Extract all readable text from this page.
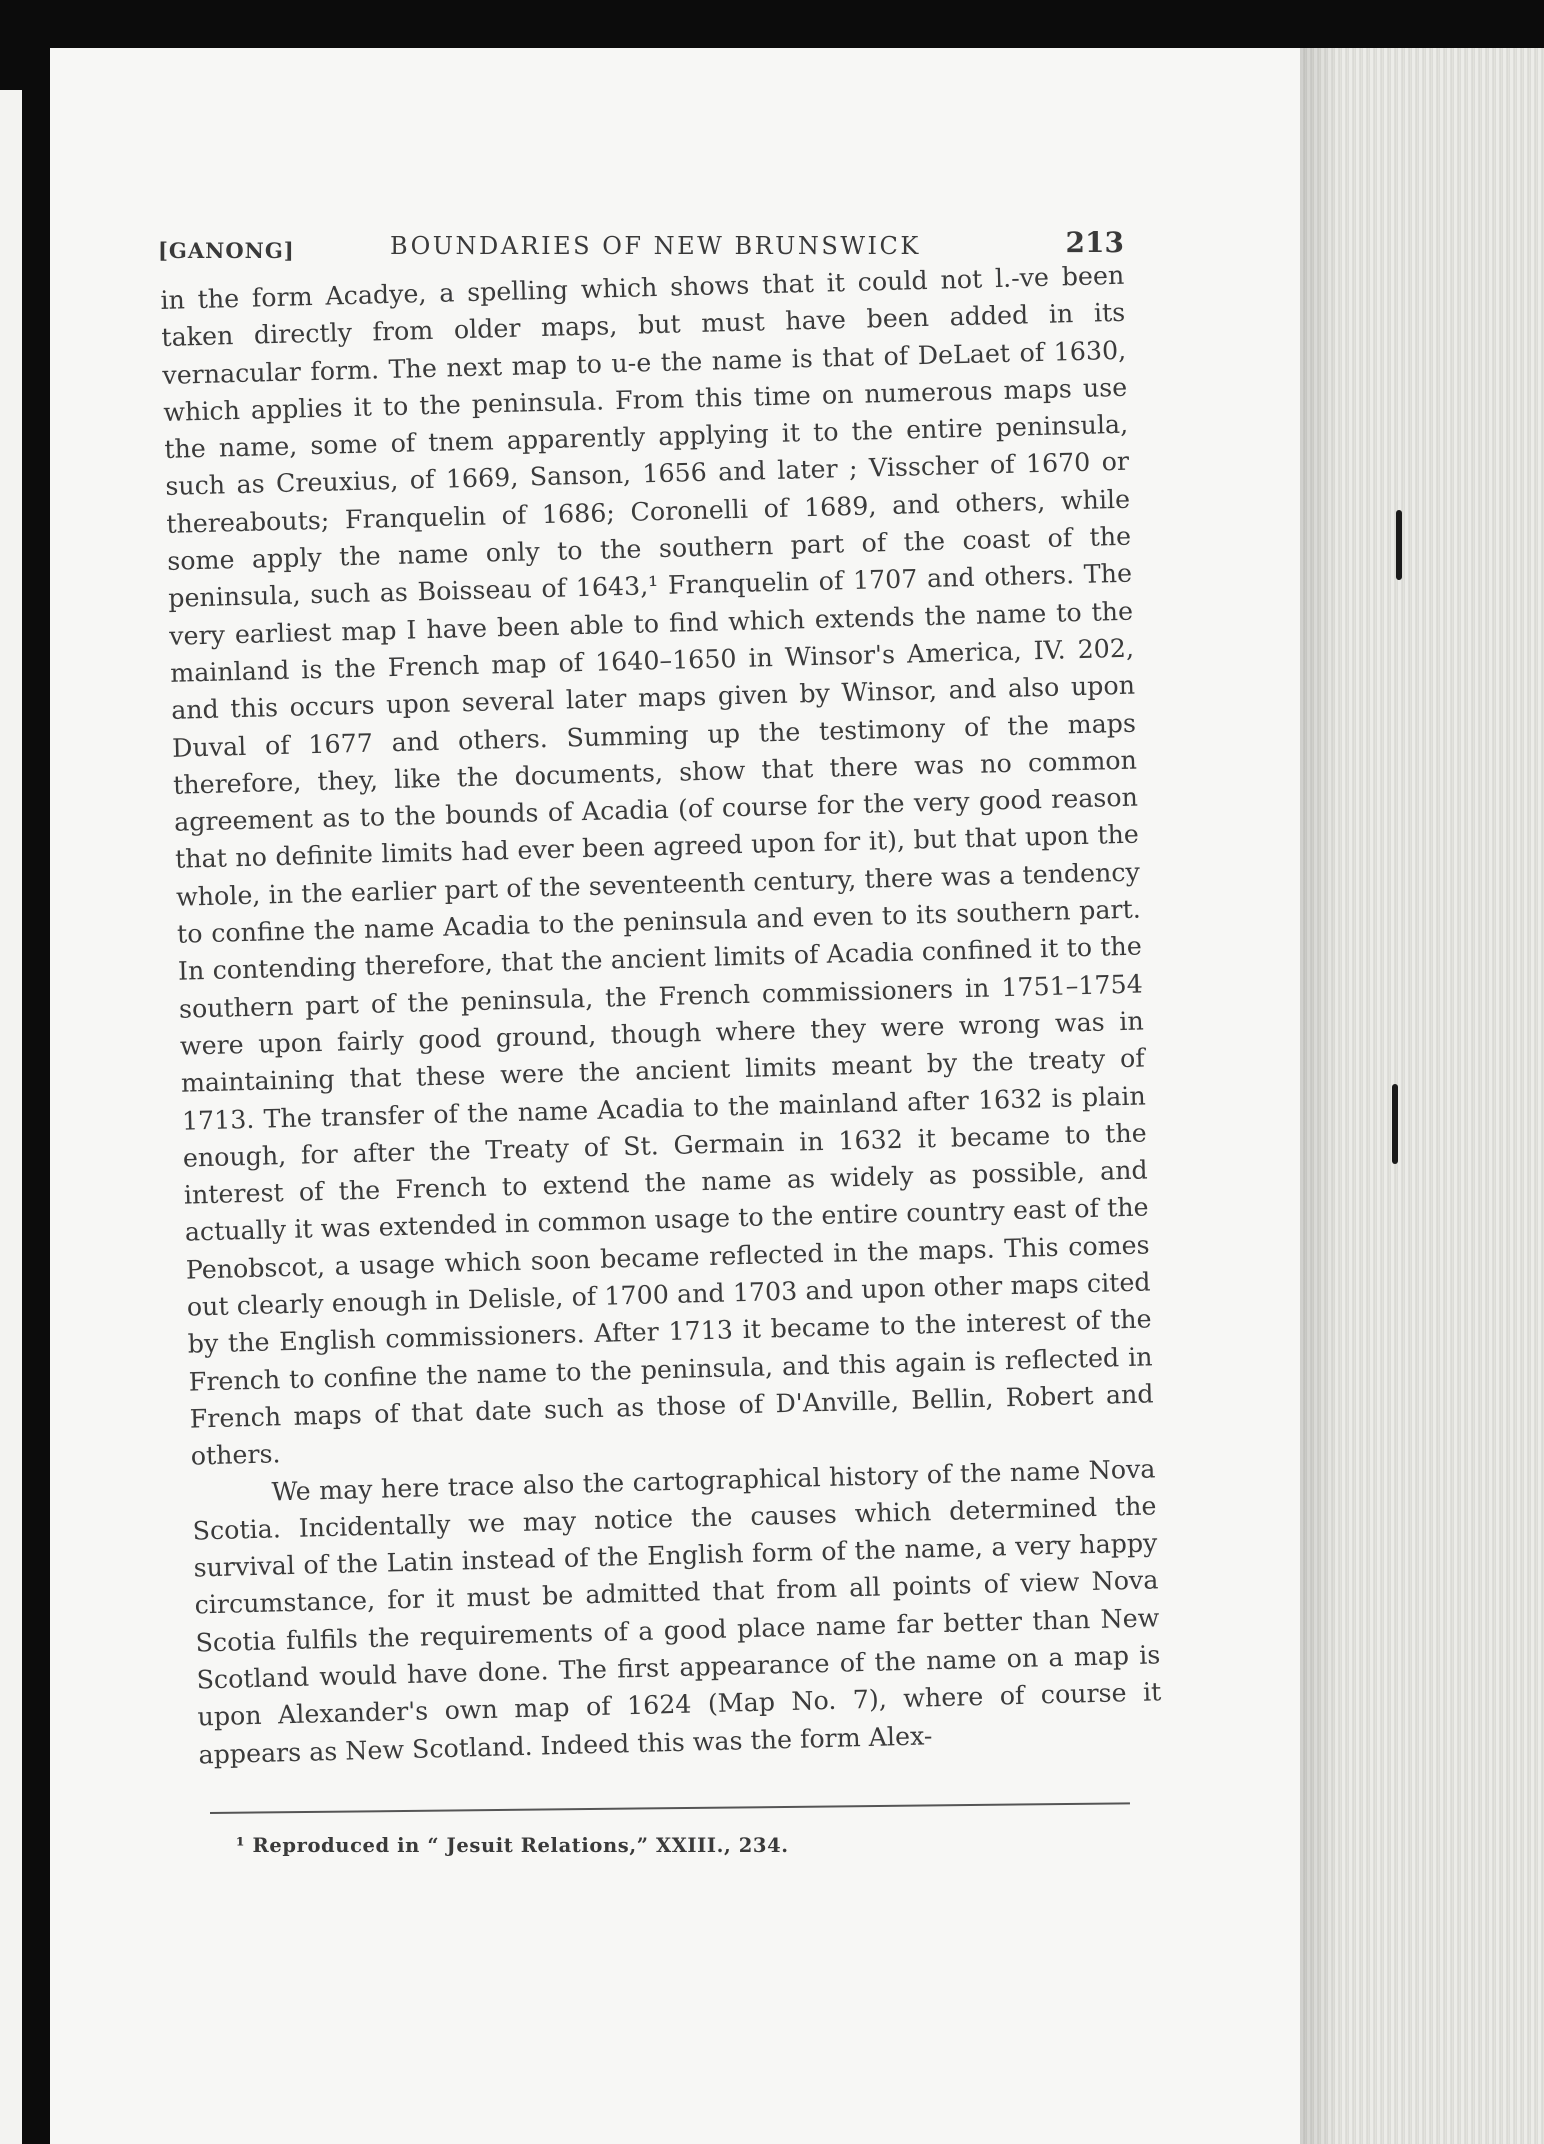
[GANONG]	BOUNDARIES OF NEW BRUNSWICK	213

in the form Acadye, a spelling which shows that it could not l.-ve been taken directly from older maps, but must have been added in its vernacular form. The next map to u-e the name is that of DeLaet of 1630, which applies it to the peninsula. From this time on numerous maps use the name, some of tnem apparently applying it to the entire peninsula, such as Creuxius, of 1669, Sanson, 1656 and later ; Visscher of 1670 or thereabouts; Franquelin of 1686; Coronelli of 1689, and others, while some apply the name only to the southern part of the coast of the peninsula, such as Boisseau of 1643,¹ Franquelin of 1707 and others. The very earliest map I have been able to find which extends the name to the mainland is the French map of 1640–1650 in Winsor's America, IV. 202, and this occurs upon several later maps given by Winsor, and also upon Duval of 1677 and others. Summing up the testimony of the maps therefore, they, like the documents, show that there was no common agreement as to the bounds of Acadia (of course for the very good reason that no definite limits had ever been agreed upon for it), but that upon the whole, in the earlier part of the seventeenth century, there was a tendency to confine the name Acadia to the peninsula and even to its southern part. In contending therefore, that the ancient limits of Acadia confined it to the southern part of the peninsula, the French commissioners in 1751–1754 were upon fairly good ground, though where they were wrong was in maintaining that these were the ancient limits meant by the treaty of 1713. The transfer of the name Acadia to the mainland after 1632 is plain enough, for after the Treaty of St. Germain in 1632 it became to the interest of the French to extend the name as widely as possible, and actually it was extended in common usage to the entire country east of the Penobscot, a usage which soon became reflected in the maps. This comes out clearly enough in Delisle, of 1700 and 1703 and upon other maps cited by the English commissioners. After 1713 it became to the interest of the French to confine the name to the peninsula, and this again is reflected in French maps of that date such as those of D'Anville, Bellin, Robert and others.

We may here trace also the cartographical history of the name Nova Scotia. Incidentally we may notice the causes which determined the survival of the Latin instead of the English form of the name, a very happy circumstance, for it must be admitted that from all points of view Nova Scotia fulfils the requirements of a good place name far better than New Scotland would have done. The first appearance of the name on a map is upon Alexander's own map of 1624 (Map No. 7), where of course it appears as New Scotland. Indeed this was the form Alex-

¹ Reproduced in “ Jesuit Relations,” XXIII., 234.
